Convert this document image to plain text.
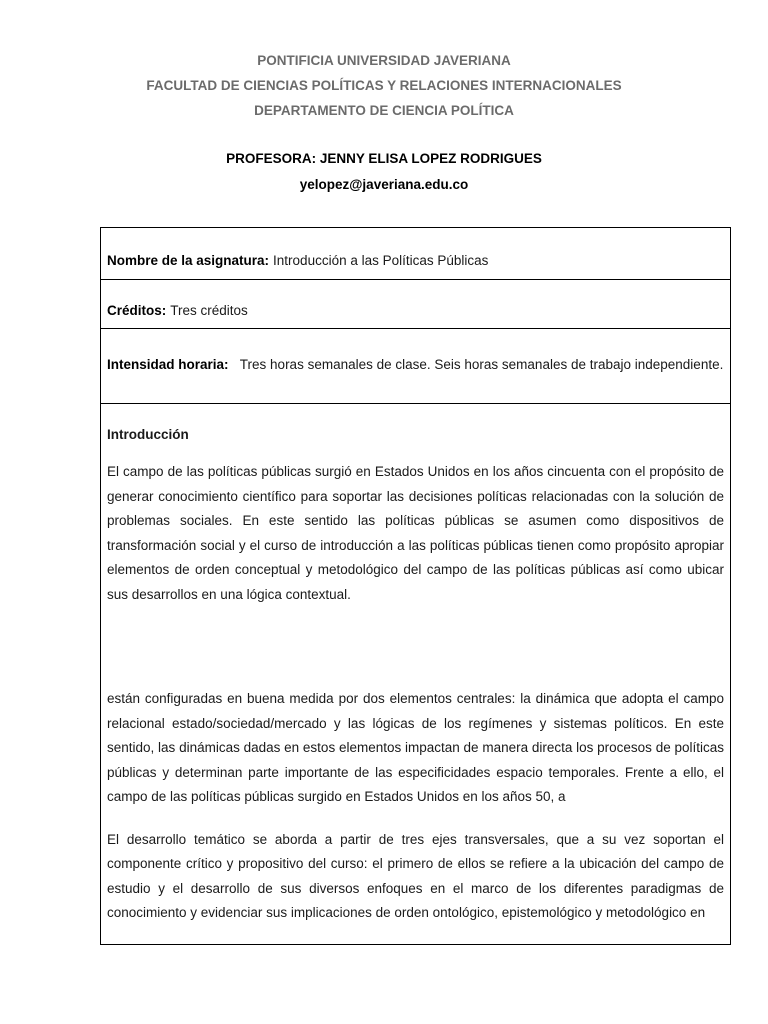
PONTIFICIA UNIVERSIDAD JAVERIANA
FACULTAD DE CIENCIAS POLÍTICAS Y RELACIONES INTERNACIONALES
DEPARTAMENTO DE CIENCIA POLÍTICA
PROFESORA: JENNY ELISA LOPEZ RODRIGUES
yelopez@javeriana.edu.co
Nombre de la asignatura: Introducción a las Políticas Públicas
Créditos: Tres créditos
Intensidad horaria: Tres horas semanales de clase. Seis horas semanales de trabajo independiente.
Introducción

El campo de las políticas públicas surgió en Estados Unidos en los años cincuenta con el propósito de generar conocimiento científico para soportar las decisiones políticas relacionadas con la solución de problemas sociales. En este sentido las políticas públicas se asumen como dispositivos de transformación social y el curso de introducción a las políticas públicas tienen como propósito apropiar elementos de orden conceptual y metodológico del campo de las políticas públicas así como ubicar sus desarrollos en una lógica contextual.

están configuradas en buena medida por dos elementos centrales: la dinámica que adopta el campo relacional estado/sociedad/mercado y las lógicas de los regímenes y sistemas políticos. En este sentido, las dinámicas dadas en estos elementos impactan de manera directa los procesos de políticas públicas y determinan parte importante de las especificidades espacio temporales. Frente a ello, el campo de las políticas públicas surgido en Estados Unidos en los años 50, a

El desarrollo temático se aborda a partir de tres ejes transversales, que a su vez soportan el componente crítico y propositivo del curso: el primero de ellos se refiere a la ubicación del campo de estudio y el desarrollo de sus diversos enfoques en el marco de los diferentes paradigmas de conocimiento y evidenciar sus implicaciones de orden ontológico, epistemológico y metodológico en
